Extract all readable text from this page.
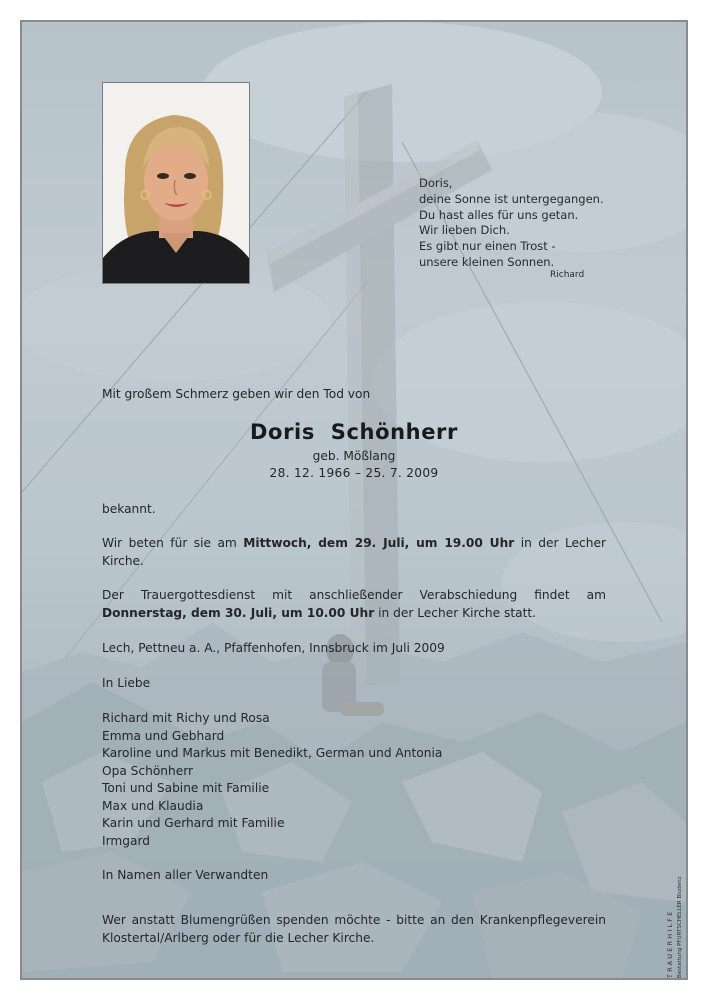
Doris,
deine Sonne ist untergegangen.
Du hast alles für uns getan.
Wir lieben Dich.
Es gibt nur einen Trost -
unsere kleinen Sonnen.
Richard
Mit großem Schmerz geben wir den Tod von
Doris  Schönherr
geb. Mößlang
28. 12. 1966 – 25. 7. 2009
bekannt.
Wir beten für sie am Mittwoch, dem 29. Juli, um 19.00 Uhr in der Lecher Kirche.
Der Trauergottesdienst mit anschließender Verabschiedung findet am Donnerstag, dem 30. Juli, um 10.00 Uhr in der Lecher Kirche statt.
Lech, Pettneu a. A., Pfaffenhofen, Innsbruck im Juli 2009
In Liebe
Richard mit Richy und Rosa
Emma und Gebhard
Karoline und Markus mit Benedikt, German und Antonia
Opa Schönherr
Toni und Sabine mit Familie
Max und Klaudia
Karin und Gerhard mit Familie
Irmgard
In Namen aller Verwandten
Wer anstatt Blumengrüßen spenden möchte - bitte an den Krankenpflegeverein Klostertal/Arlberg oder für die Lecher Kirche.	TRAUERHILFE Bestattung PFURTSCHELLER Bludenz www.trauerhilfe.at
